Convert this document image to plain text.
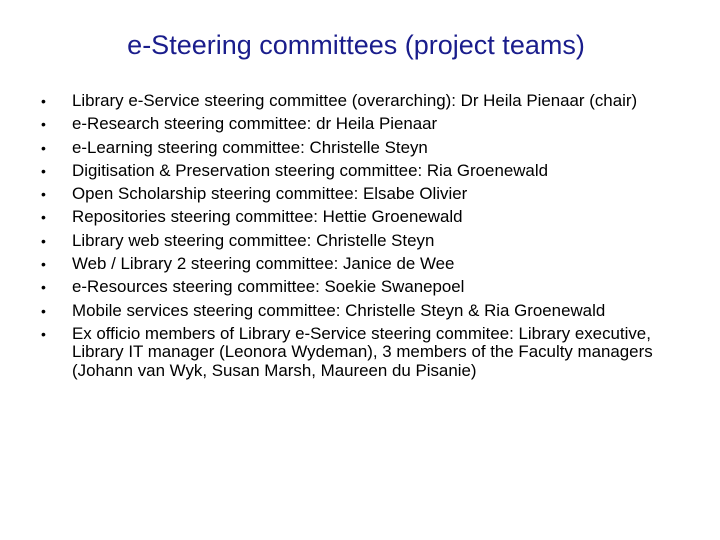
e-Steering committees (project teams)
• Library e-Service steering committee (overarching): Dr Heila Pienaar (chair)
• e-Research steering committee: dr Heila Pienaar
• e-Learning steering committee: Christelle Steyn
• Digitisation & Preservation steering committee: Ria Groenewald
• Open Scholarship steering committee: Elsabe Olivier
• Repositories steering committee: Hettie Groenewald
• Library web steering committee: Christelle Steyn
• Web / Library 2 steering committee: Janice de Wee
• e-Resources steering committee: Soekie Swanepoel
• Mobile services steering committee: Christelle Steyn & Ria Groenewald
• Ex officio members of Library e-Service steering commitee: Library executive, Library IT manager (Leonora Wydeman), 3 members of the Faculty managers (Johann van Wyk, Susan Marsh, Maureen du Pisanie)
